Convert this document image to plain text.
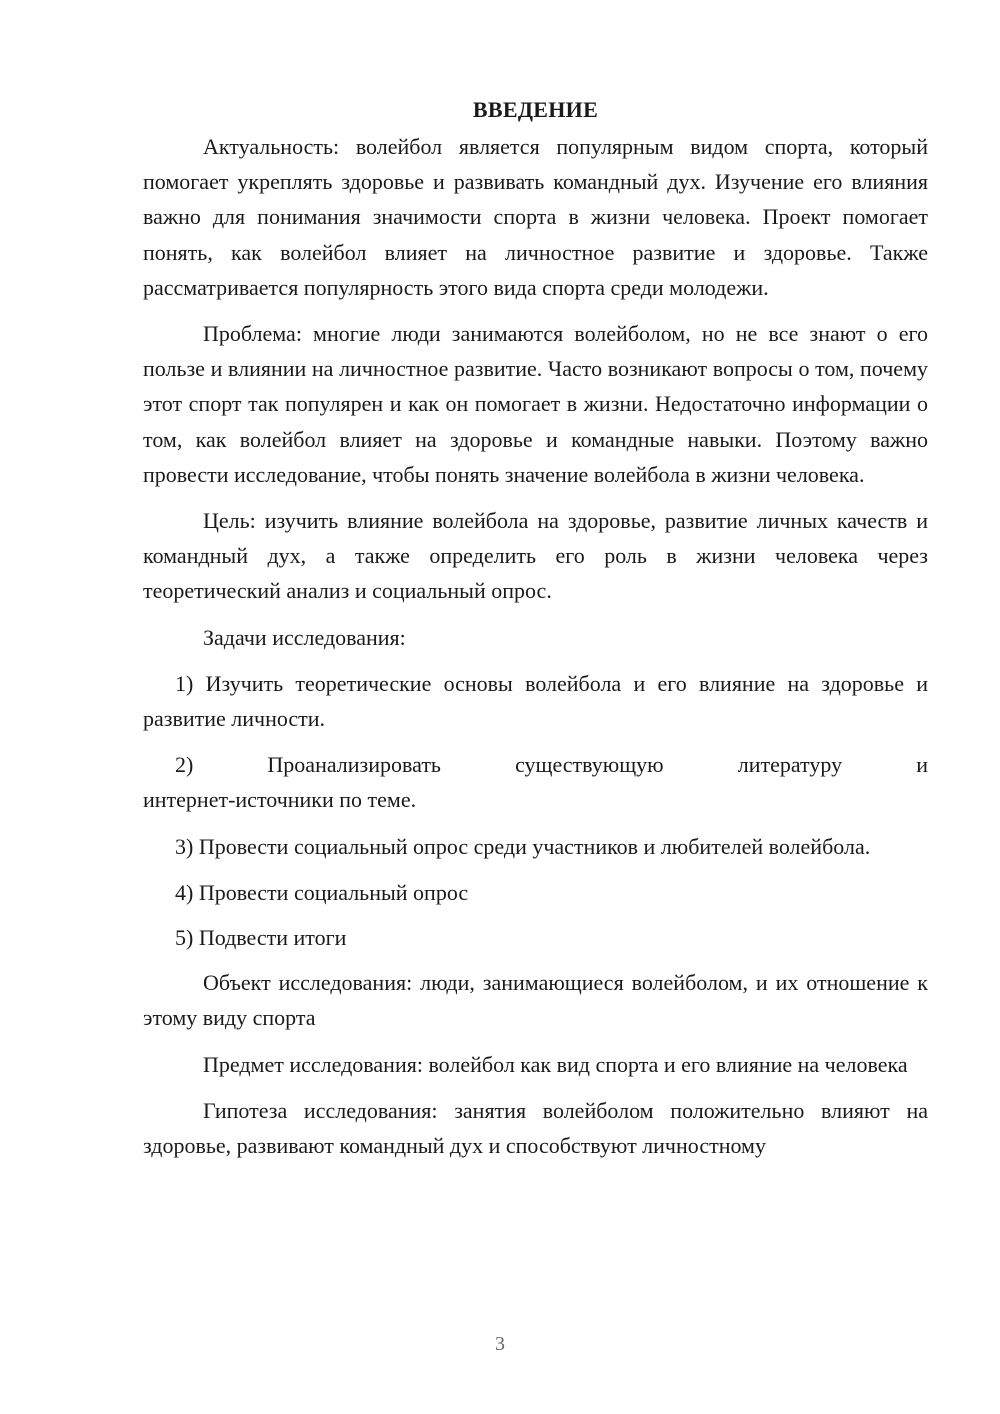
ВВЕДЕНИЕ

Актуальность: волейбол является популярным видом спорта, который помогает укреплять здоровье и развивать командный дух. Изучение его влияния важно для понимания значимости спорта в жизни человека. Проект помогает понять, как волейбол влияет на личностное развитие и здоровье. Также рассматривается популярность этого вида спорта среди молодежи.

Проблема: многие люди занимаются волейболом, но не все знают о его пользе и влиянии на личностное развитие. Часто возникают вопросы о том, почему этот спорт так популярен и как он помогает в жизни. Недостаточно информации о том, как волейбол влияет на здоровье и командные навыки. Поэтому важно провести исследование, чтобы понять значение волейбола в жизни человека.

Цель: изучить влияние волейбола на здоровье, развитие личных качеств и командный дух, а также определить его роль в жизни человека через теоретический анализ и социальный опрос.

Задачи исследования:

1) Изучить теоретические основы волейбола и его влияние на здоровье и развитие личности.

2)	Проанализировать	существующую	литературу	и

интернет-источники по теме.

3) Провести социальный опрос среди участников и любителей волейбола.

4) Провести социальный опрос

5) Подвести итоги

Объект исследования: люди, занимающиеся волейболом, и их отношение к этому виду спорта

Предмет исследования: волейбол как вид спорта и его влияние на человека

Гипотеза исследования: занятия волейболом положительно влияют на здоровье, развивают командный дух и способствуют личностному

3
